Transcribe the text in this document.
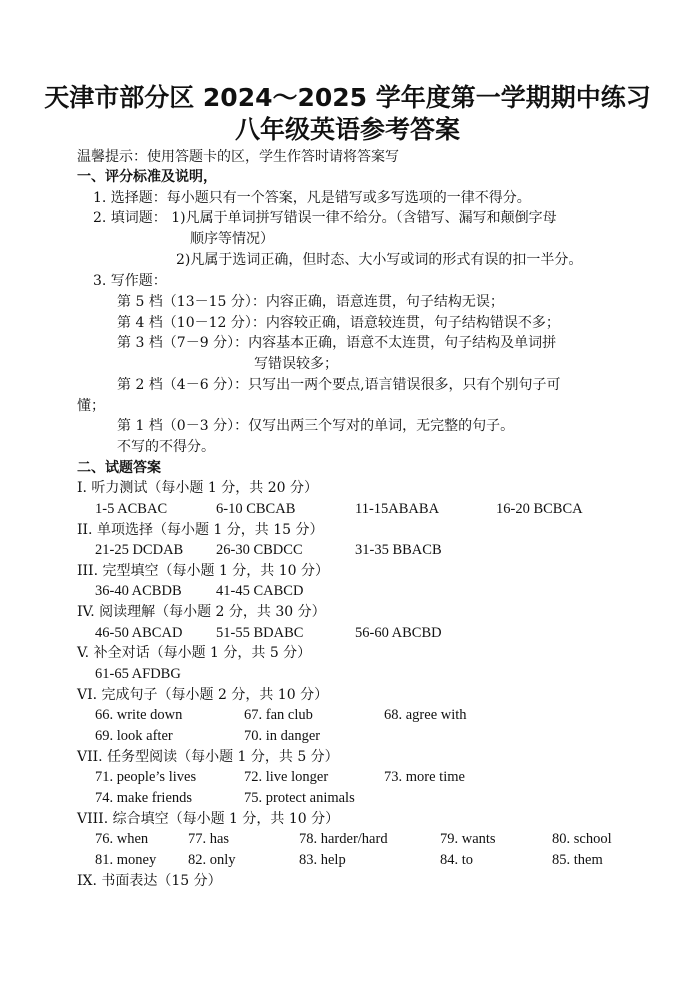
天津市部分区 2024～2025 学年度第一学期期中练习
八年级英语参考答案
温馨提示：使用答题卡的区，学生作答时请将答案写
一、评分标准及说明，
1. 选择题：每小题只有一个答案，凡是错写或多写选项的一律不得分。
2. 填词题： 1)凡属于单词拼写错误一律不给分。（含错写、漏写和颠倒字母
顺序等情况）
2)凡属于选词正确，但时态、大小写或词的形式有误的扣一半分。
3. 写作题：
第 5 档（13－15 分）：内容正确，语意连贯，句子结构无误；
第 4 档（10－12 分）：内容较正确，语意较连贯，句子结构错误不多；
第 3 档（7－9 分）：内容基本正确，语意不太连贯，句子结构及单词拼
写错误较多；
第 2 档（4－6 分）：只写出一两个要点,语言错误很多，只有个别句子可
懂；
第 1 档（0－3 分）：仅写出两三个写对的单词，无完整的句子。
不写的不得分。
二、试题答案
I. 听力测试（每小题 1 分，共 20 分）
1-5 ACBAC	6-10 CBCAB	11-15ABABA	16-20 BCBCA
II. 单项选择（每小题 1 分，共 15 分）
21-25 DCDAB 26-30 CBDCC	31-35 BBACB
III. 完型填空（每小题 1 分，共 10 分）
36-40 ACBDB 41-45 CABCD
IV. 阅读理解（每小题 2 分，共 30 分）
46-50 ABCAD 51-55 BDABC	56-60 ABCBD
V. 补全对话（每小题 1 分，共 5 分）
61-65 AFDBG
VI. 完成句子（每小题 2 分，共 10 分）
66. write down	67. fan club	68. agree with
69. look after	70. in danger
VII. 任务型阅读（每小题 1 分，共 5 分）
71. people’s lives	72. live longer	73. more time
74. make friends	75. protect animals
VIII. 综合填空（每小题 1 分，共 10 分）
76. when	77. has	78. harder/hard	79. wants	80. school
81. money 82. only	83. help	84. to	85. them
IX. 书面表达（15 分）
